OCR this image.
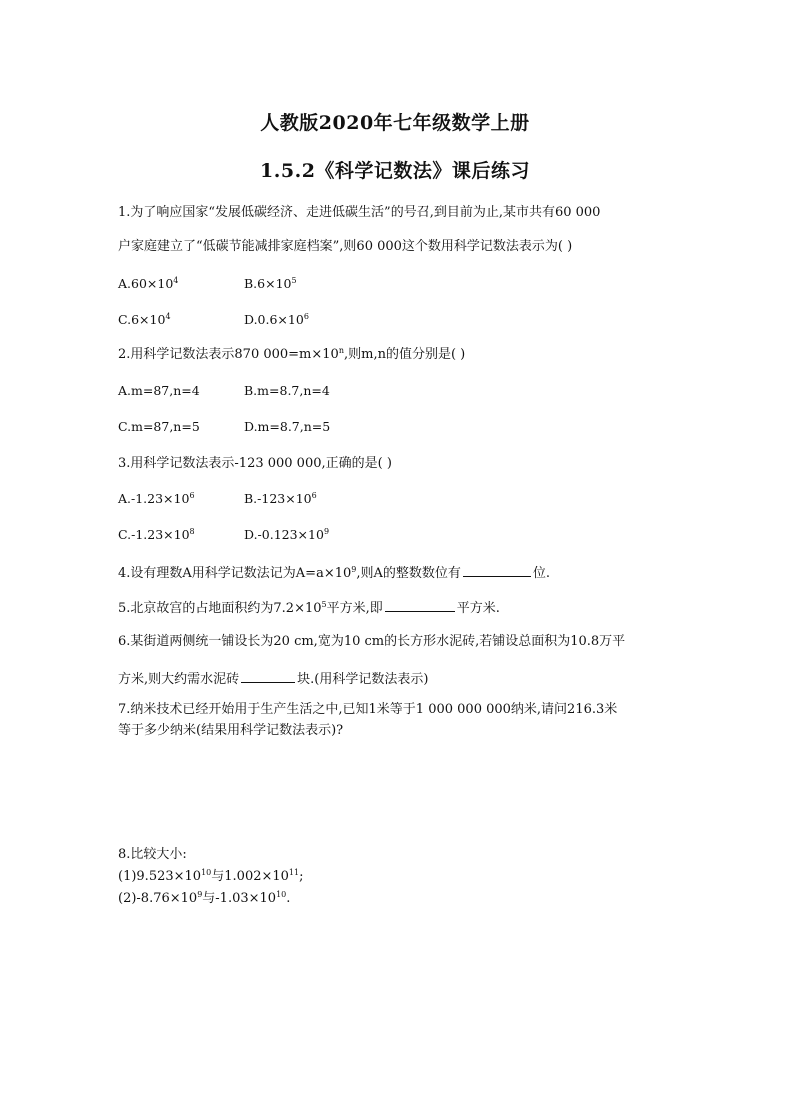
人教版2020年七年级数学上册
1.5.2《科学记数法》课后练习
1.为了响应国家“发展低碳经济、走进低碳生活”的号召,到目前为止,某市共有60 000
户家庭建立了“低碳节能减排家庭档案”,则60 000这个数用科学记数法表示为( )
$A.60\times 10^4$	$B.6\times 10^5$
$C.6\times 10^4$	$D.0.6\times 10^6$
2.用科学记数法表示870 $000=m\times 10^n$,则m,n的值分别是( )
A.m=87,n=4	B.m=8.7,n=4
C.m=87,n=5	D.m=8.7,n=5
3.用科学记数法表示-123 000 000,正确的是( )
$A.-1.23\times 10^6$	$B.-123\times 10^6$
$C.-1.23\times 10^8$	$D.-0.123\times 10^9$
4.设有理数A用科学记数法记为$A=a\times 10^9$,则A的整数数位有	位.
5.北京故宫的占地面积约为$7.2\times 10^5$平方米,即	平方米.
6.某街道两侧统一铺设长为20 cm,宽为10 cm的长方形水泥砖,若铺设总面积为10.8万平
方米,则大约需水泥砖	块.(用科学记数法表示)
7.纳米技术已经开始用于生产生活之中,已知1米等于1 000 000 000纳米,请问216.3米
等于多少纳米(结果用科学记数法表示)?
8.比较大小:
$(1)9.523\times 10^{10}$与$1.002\times 10^{11}$;
$(2)-8.76\times 10^9$与$-1.03\times 10^{10}$.
